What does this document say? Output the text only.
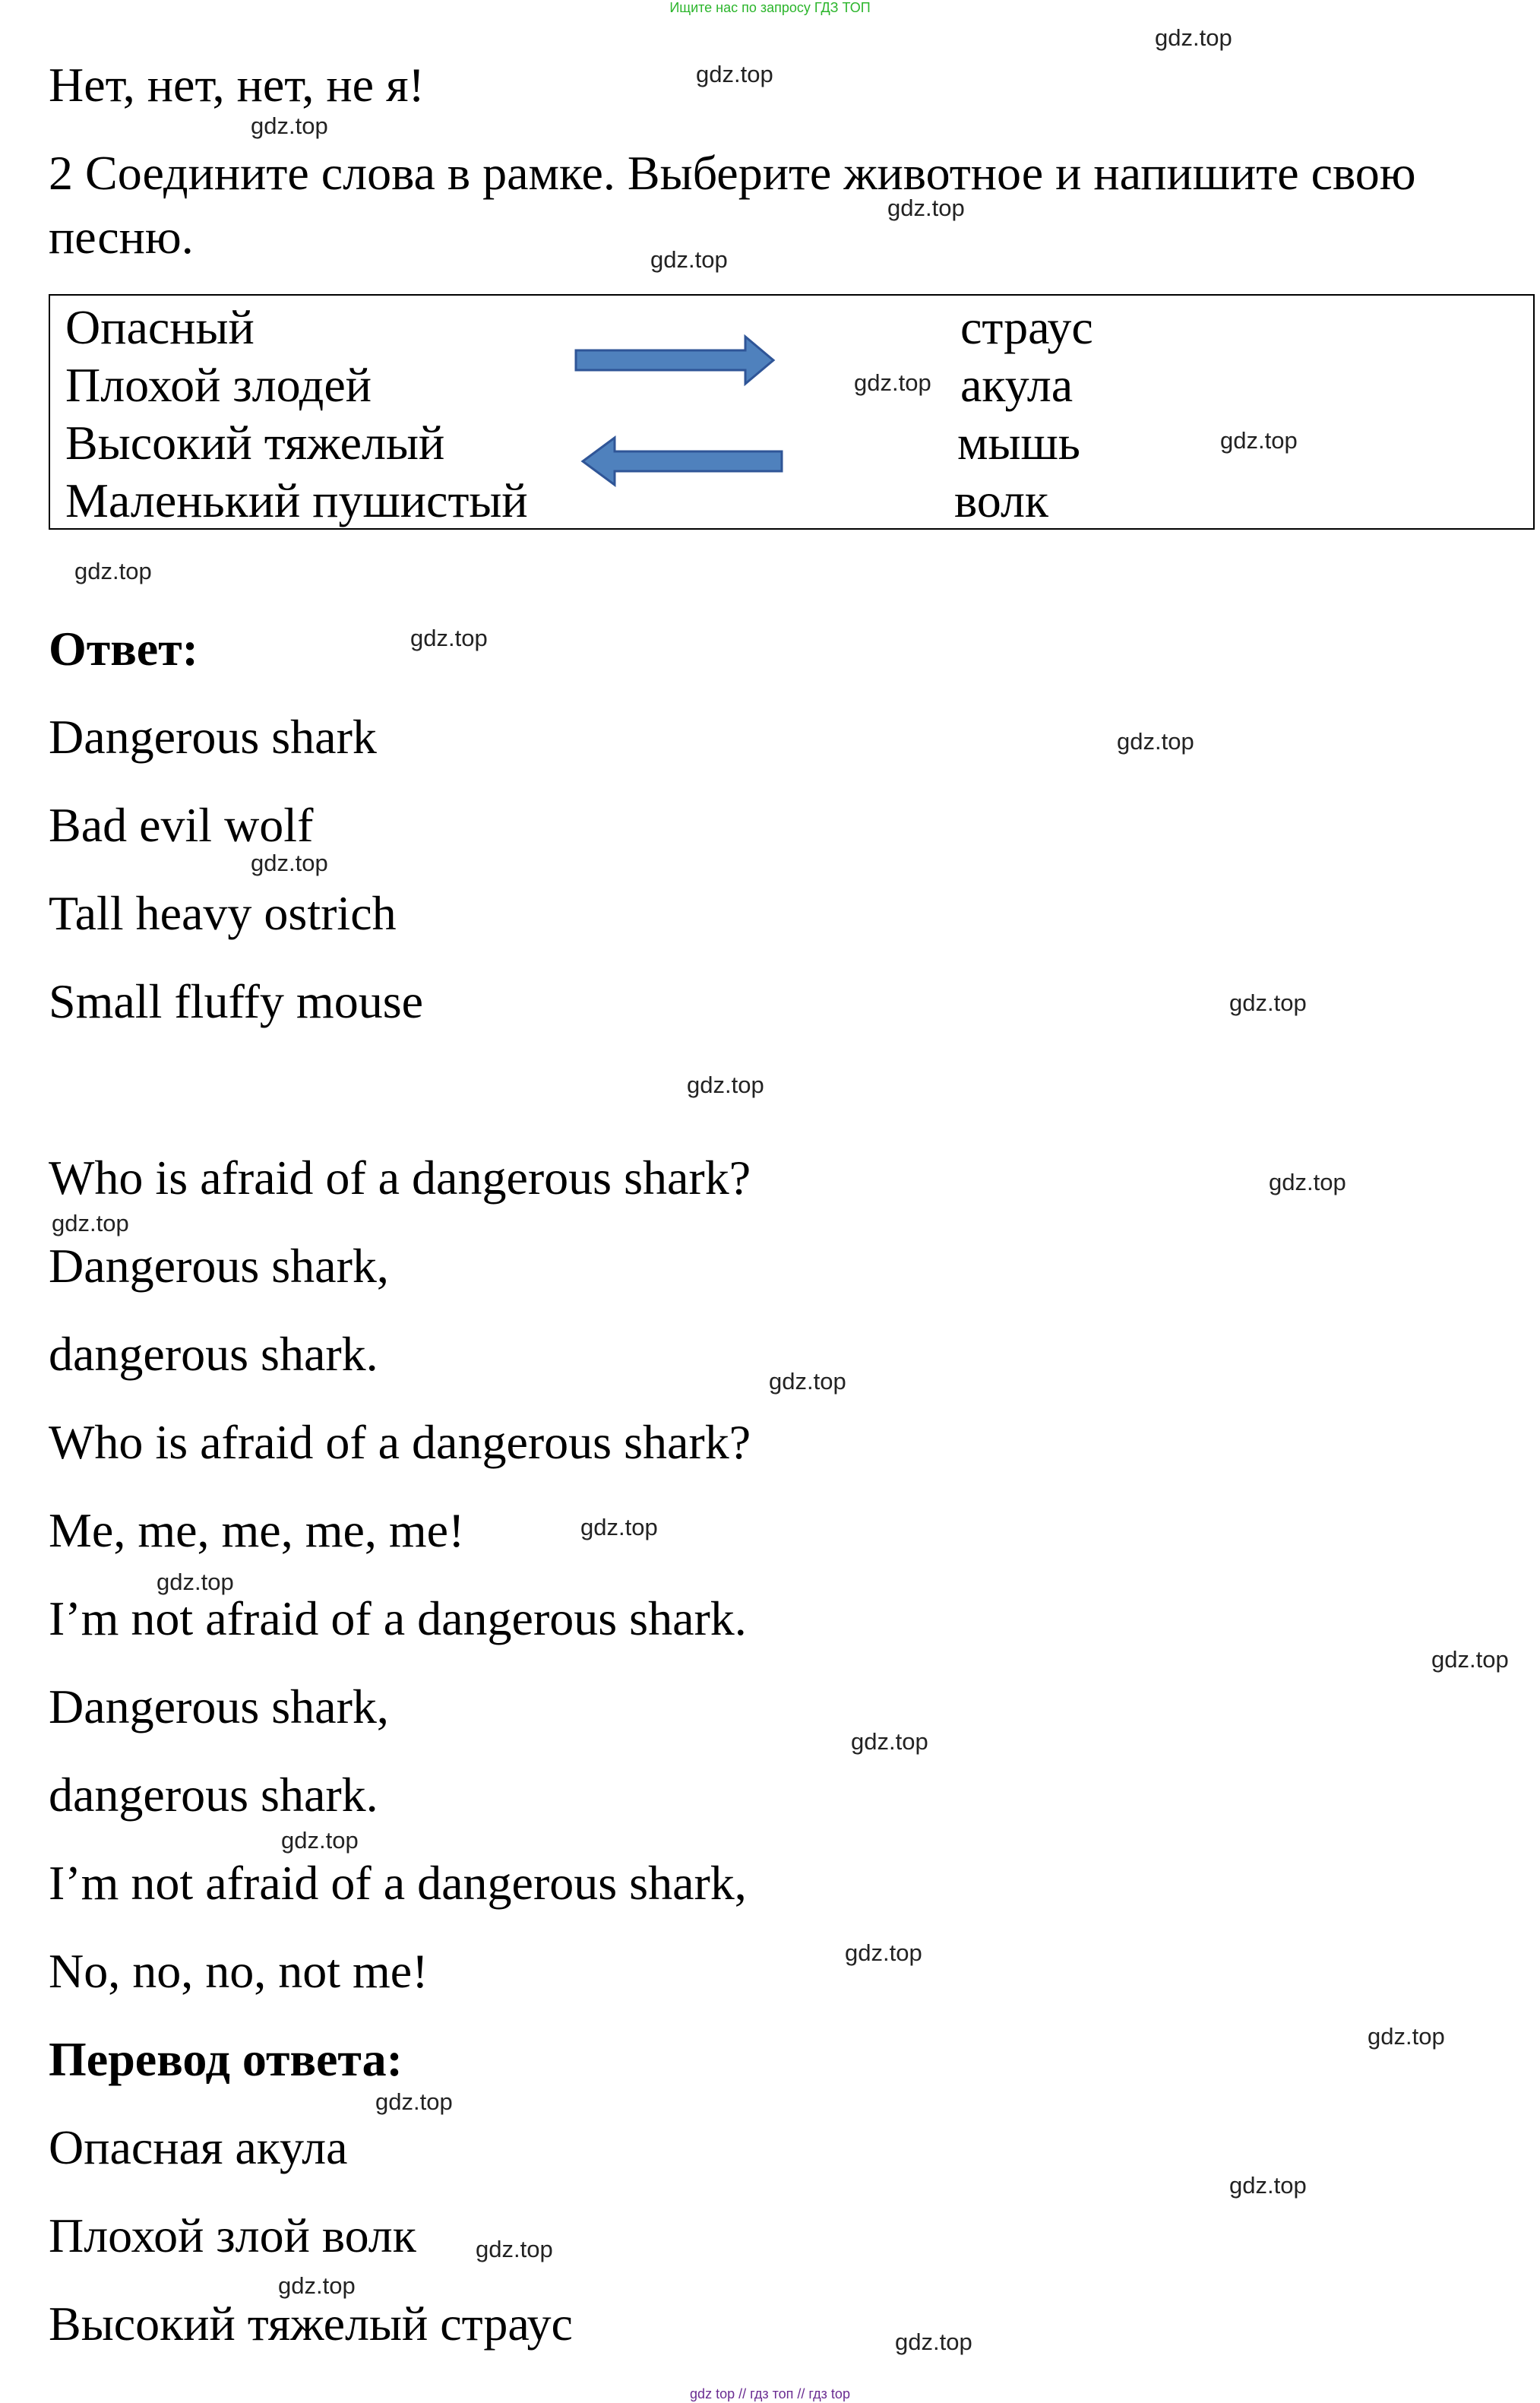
Ищите нас по запросу ГДЗ ТОП
Нет, нет, нет, не я!
2 Соедините слова в рамке. Выберите животное и напишите свою
песню.
Опасный
Плохой злодей
Высокий тяжелый
Маленький пушистый
страус
акула
мышь
волк
Ответ:
Dangerous shark
Bad evil wolf
Tall heavy ostrich
Small fluffy mouse
Who is afraid of a dangerous shark?
Dangerous shark,
dangerous shark.
Who is afraid of a dangerous shark?
Me, me, me, me, me!
I’m not afraid of a dangerous shark.
Dangerous shark,
dangerous shark.
I’m not afraid of a dangerous shark,
No, no, no, not me!
Перевод ответа:
Опасная акула
Плохой злой волк
Высокий тяжелый страус
gdz.top
gdz.top
gdz.top
gdz.top
gdz.top
gdz.top
gdz.top
gdz.top
gdz.top
gdz.top
gdz.top
gdz.top
gdz.top
gdz.top
gdz.top
gdz.top
gdz.top
gdz.top
gdz.top
gdz.top
gdz.top
gdz.top
gdz.top
gdz.top
gdz.top
gdz.top
gdz.top
gdz.top
gdz top // гдз топ // гдз top
